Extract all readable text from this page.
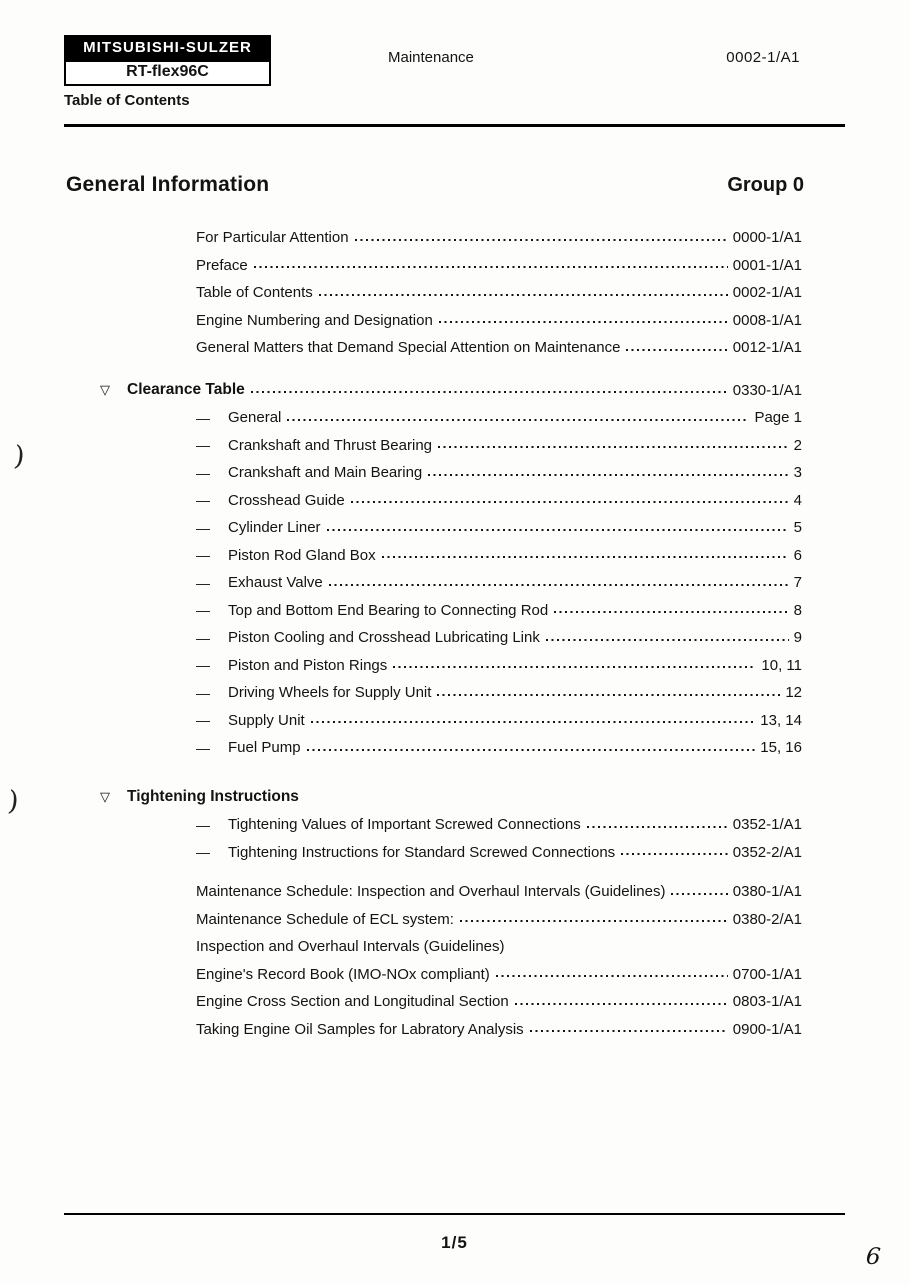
MITSUBISHI-SULZER
RT-flex96C
Table of Contents
Maintenance	0002-1/A1
General Information	Group 0
For Particular Attention	0000-1/A1
Preface	0001-1/A1
Table of Contents	0002-1/A1
Engine Numbering and Designation	0008-1/A1
General Matters that Demand Special Attention on Maintenance	0012-1/A1
▽	Clearance Table	0330-1/A1
—	General	Page 1
—	Crankshaft and Thrust Bearing	2
—	Crankshaft and Main Bearing	3
—	Crosshead Guide	4
—	Cylinder Liner	5
—	Piston Rod Gland Box	6
—	Exhaust Valve	7
—	Top and Bottom End Bearing to Connecting Rod	8
—	Piston Cooling and Crosshead Lubricating Link	9
—	Piston and Piston Rings	10, 11
—	Driving Wheels for Supply Unit	12
—	Supply Unit	13, 14
—	Fuel Pump	15, 16
▽	Tightening Instructions
—	Tightening Values of Important Screwed Connections	0352-1/A1
—	Tightening Instructions for Standard Screwed Connections	0352-2/A1
Maintenance Schedule: Inspection and Overhaul Intervals (Guidelines)	0380-1/A1
Maintenance Schedule of ECL system:	0380-2/A1
Inspection and Overhaul Intervals (Guidelines)
Engine's Record Book (IMO-NOx compliant)	0700-1/A1
Engine Cross Section and Longitudinal Section	0803-1/A1
Taking Engine Oil Samples for Labratory Analysis	0900-1/A1
1/5
6
)
)
